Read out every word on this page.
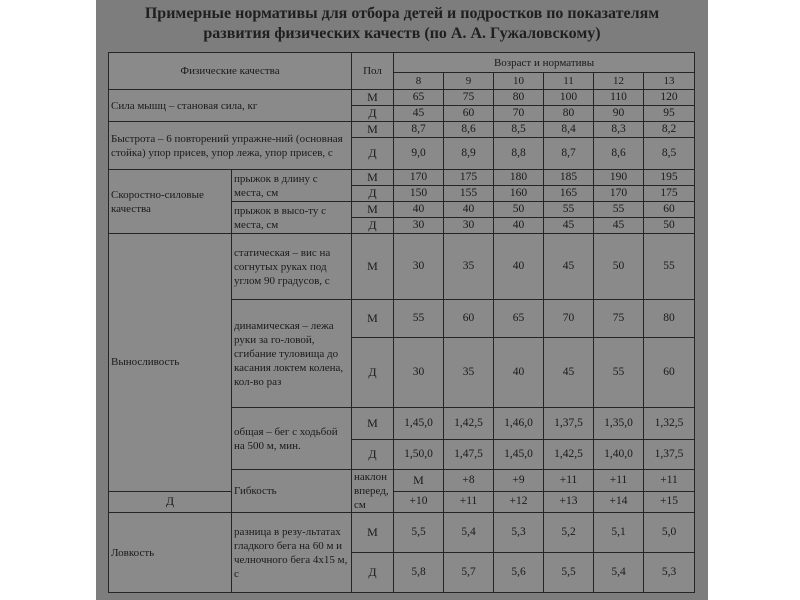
Примерные нормативы для отбора детей и подростков по показателям
развития физических качеств (по А. А. Гужаловскому)
Физические качества		Пол	Возраст и нормативы						
			8	9	10	11	12	13	
Сила мышц – становая сила, кг		М	65	75	80	100	110	120	
		Д	45	60	70	80	90	95	
Быстрота – 6 повторений упражне-ний (основная стойка) упор присев, упор лежа, упор присев, с		М	8,7	8,6	8,5	8,4	8,3	8,2	
		Д	9,0	8,9	8,8	8,7	8,6	8,5	
Скоростно-силовые качества	прыжок в длину с места, см	М	170	175	180	185	190	195	
		Д	150	155	160	165	170	175	
	прыжок в высо-ту с места, см	М	40	40	50	55	55	60	
		Д	30	30	40	45	45	50	
Выносливость	статическая – вис на согнутых руках под углом 90 градусов, с	М	30	35	40	45	50	55	
	динамическая – лежа руки за го-ловой, сгибание туловища до касания локтем колена, кол-во раз	М	55	60	65	70	75	80	
		Д	30	35	40	45	55	60	
	общая – бег с ходьбой на 500 м, мин.	М	1,45,0	1,42,5	1,46,0	1,37,5	1,35,0	1,32,5	
		Д	1,50,0	1,47,5	1,45,0	1,42,5	1,40,0	1,37,5	
	Гибкость	наклон вперед, см	М	+8	+9	+11	+11	+11	
Д			+10	+11	+12	+13	+14	+15	
Ловкость	разница в резу-льтатах гладкого бега на 60 м и челночного бега 4х15 м, с	М	5,5	5,4	5,3	5,2	5,1	5,0	
		Д	5,8	5,7	5,6	5,5	5,4	5,3	
